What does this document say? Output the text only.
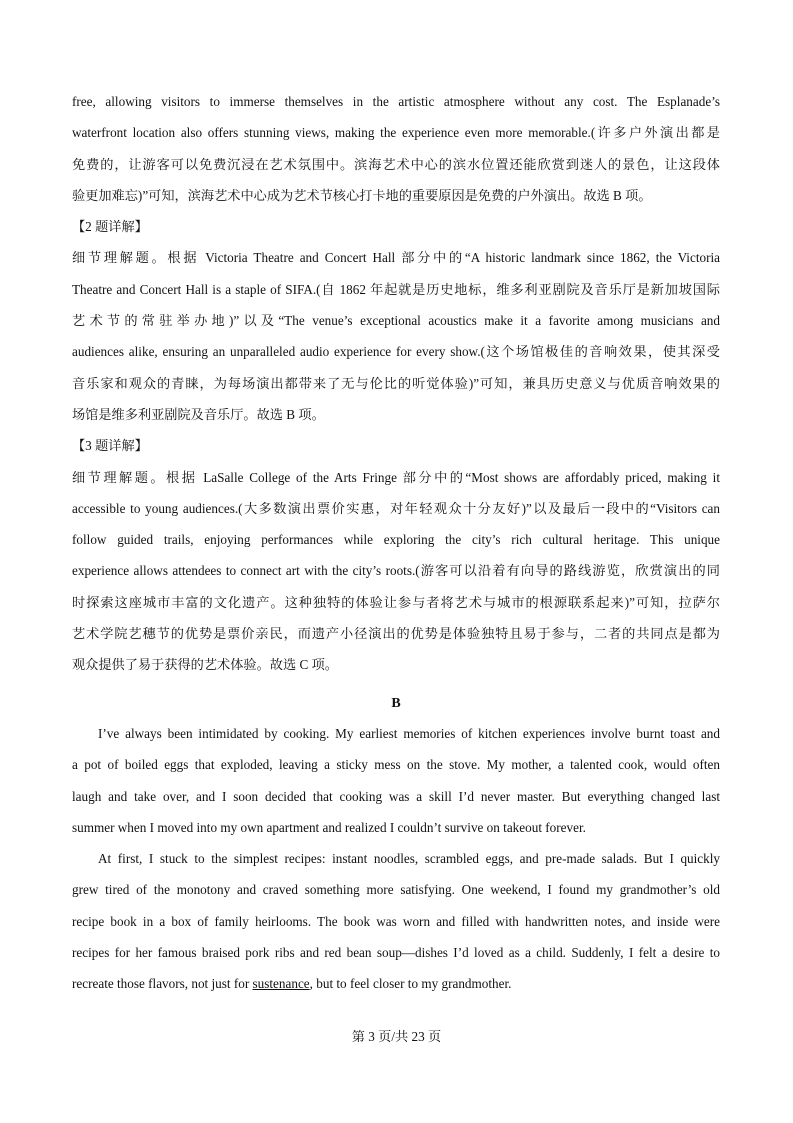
free, allowing visitors to immerse themselves in the artistic atmosphere without any cost. The Esplanade’s
waterfront location also offers stunning views, making the experience even more memorable.(许多户外演出都是
免费的，让游客可以免费沉浸在艺术氛围中。滨海艺术中心的滨水位置还能欣赏到迷人的景色，让这段体
验更加难忘)”可知，滨海艺术中心成为艺术节核心打卡地的重要原因是免费的户外演出。故选 B 项。
【2 题详解】
细节理解题。根据 Victoria Theatre and Concert Hall 部分中的“A historic landmark since 1862, the Victoria
Theatre and Concert Hall is a staple of SIFA.(自 1862 年起就是历史地标，维多利亚剧院及音乐厅是新加坡国际
艺术节的常驻举办地)”以及“The venue’s exceptional acoustics make it a favorite among musicians and
audiences alike, ensuring an unparalleled audio experience for every show.(这个场馆极佳的音响效果，使其深受
音乐家和观众的青睐，为每场演出都带来了无与伦比的听觉体验)”可知，兼具历史意义与优质音响效果的
场馆是维多利亚剧院及音乐厅。故选 B 项。
【3 题详解】
细节理解题。根据 LaSalle College of the Arts Fringe 部分中的“Most shows are affordably priced, making it
accessible to young audiences.(大多数演出票价实惠，对年轻观众十分友好)”以及最后一段中的“Visitors can
follow guided trails, enjoying performances while exploring the city’s rich cultural heritage. This unique
experience allows attendees to connect art with the city’s roots.(游客可以沿着有向导的路线游览，欣赏演出的同
时探索这座城市丰富的文化遗产。这种独特的体验让参与者将艺术与城市的根源联系起来)”可知，拉萨尔
艺术学院艺穗节的优势是票价亲民，而遗产小径演出的优势是体验独特且易于参与，二者的共同点是都为
观众提供了易于获得的艺术体验。故选 C 项。
B
I’ve always been intimidated by cooking. My earliest memories of kitchen experiences involve burnt toast and
a pot of boiled eggs that exploded, leaving a sticky mess on the stove. My mother, a talented cook, would often
laugh and take over, and I soon decided that cooking was a skill I’d never master. But everything changed last
summer when I moved into my own apartment and realized I couldn’t survive on takeout forever.
At first, I stuck to the simplest recipes: instant noodles, scrambled eggs, and pre-made salads. But I quickly
grew tired of the monotony and craved something more satisfying. One weekend, I found my grandmother’s old
recipe book in a box of family heirlooms. The book was worn and filled with handwritten notes, and inside were
recipes for her famous braised pork ribs and red bean soup—dishes I’d loved as a child. Suddenly, I felt a desire to
recreate those flavors, not just for sustenance, but to feel closer to my grandmother.
第 3 页/共 23 页
